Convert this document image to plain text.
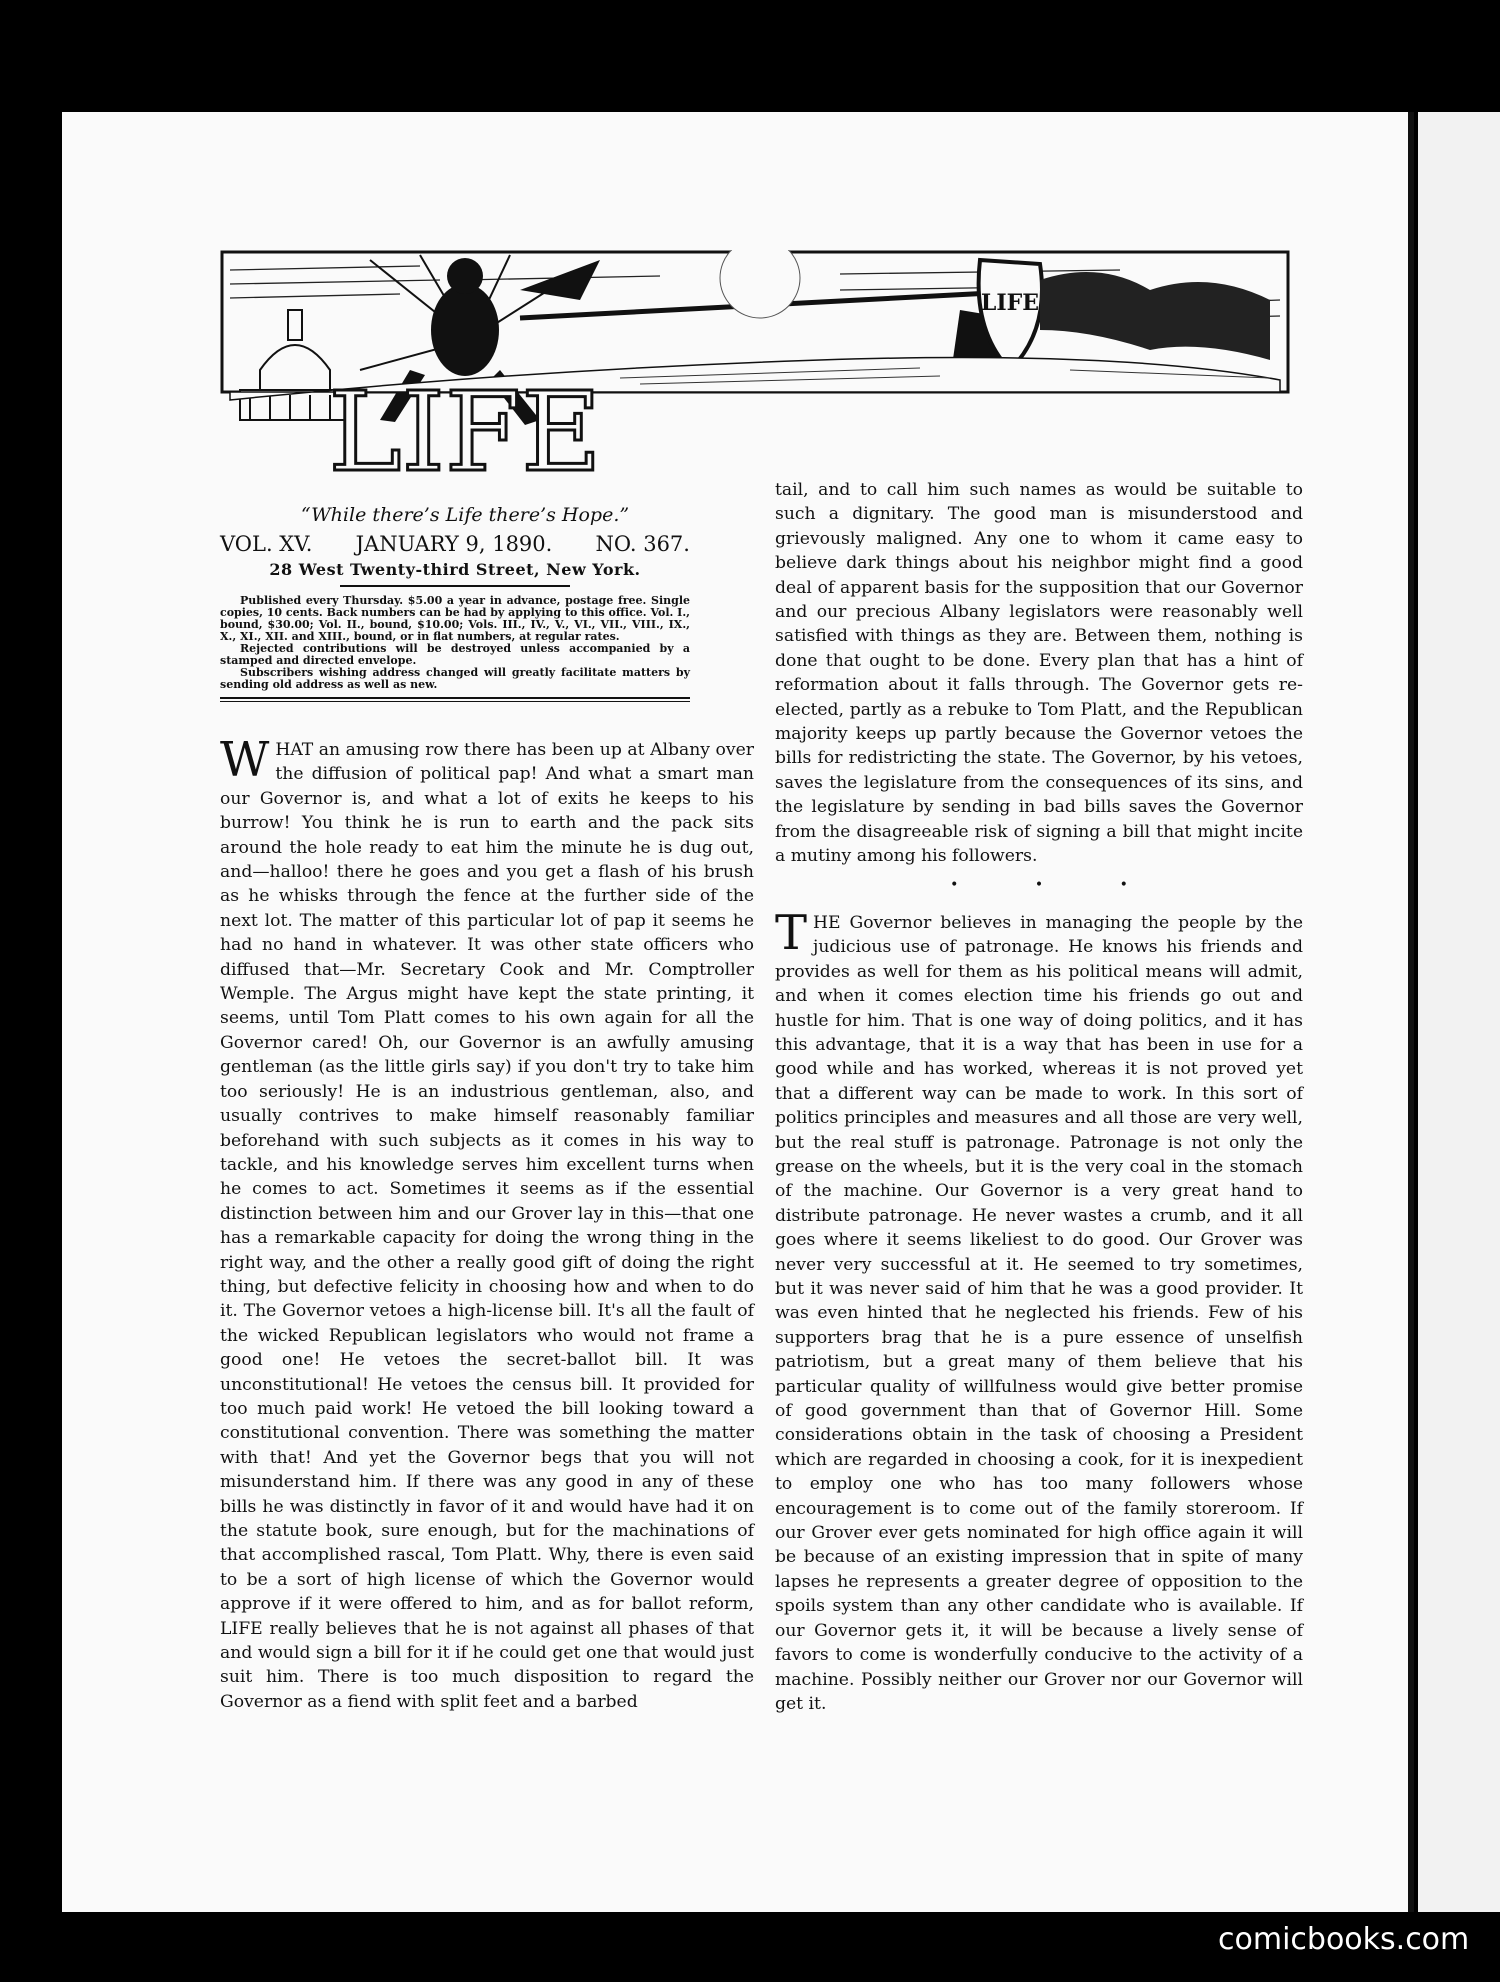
LIFE
LIFE
“While there’s Life there’s Hope.”
VOL. XV. JANUARY 9, 1890. NO. 367.
28 West Twenty-third Street, New York.

Published every Thursday. $5.00 a year in advance, postage free. Single copies, 10 cents. Back numbers can be had by applying to this office. Vol. I., bound, $30.00; Vol. II., bound, $10.00; Vols. III., IV., V., VI., VII., VIII., IX., X., XI., XII. and XIII., bound, or in flat numbers, at regular rates.

Rejected contributions will be destroyed unless accompanied by a stamped and directed envelope.

Subscribers wishing address changed will greatly facilitate matters by sending old address as well as new.

WHAT an amusing row there has been up at Albany over the diffusion of political pap! And what a smart man our Governor is, and what a lot of exits he keeps to his burrow! You think he is run to earth and the pack sits around the hole ready to eat him the minute he is dug out, and—halloo! there he goes and you get a flash of his brush as he whisks through the fence at the further side of the next lot. The matter of this particular lot of pap it seems he had no hand in whatever. It was other state officers who diffused that—Mr. Secretary Cook and Mr. Comptroller Wemple. The Argus might have kept the state printing, it seems, until Tom Platt comes to his own again for all the Governor cared! Oh, our Governor is an awfully amusing gentleman (as the little girls say) if you don't try to take him too seriously! He is an industrious gentleman, also, and usually contrives to make himself reasonably familiar beforehand with such subjects as it comes in his way to tackle, and his knowledge serves him excellent turns when he comes to act. Sometimes it seems as if the essential distinction between him and our Grover lay in this—that one has a remarkable capacity for doing the wrong thing in the right way, and the other a really good gift of doing the right thing, but defective felicity in choosing how and when to do it. The Governor vetoes a high-license bill. It's all the fault of the wicked Republican legislators who would not frame a good one! He vetoes the secret-ballot bill. It was unconstitutional! He vetoes the census bill. It provided for too much paid work! He vetoed the bill looking toward a constitutional convention. There was something the matter with that! And yet the Governor begs that you will not misunderstand him. If there was any good in any of these bills he was distinctly in favor of it and would have had it on the statute book, sure enough, but for the machinations of that accomplished rascal, Tom Platt. Why, there is even said to be a sort of high license of which the Governor would approve if it were offered to him, and as for ballot reform, LIFE really believes that he is not against all phases of that and would sign a bill for it if he could get one that would just suit him. There is too much disposition to regard the Governor as a fiend with split feet and a barbed

tail, and to call him such names as would be suitable to such a dignitary. The good man is misunderstood and grievously maligned. Any one to whom it came easy to believe dark things about his neighbor might find a good deal of apparent basis for the supposition that our Governor and our precious Albany legislators were reasonably well satisfied with things as they are. Between them, nothing is done that ought to be done. Every plan that has a hint of reformation about it falls through. The Governor gets re-elected, partly as a rebuke to Tom Platt, and the Republican majority keeps up partly because the Governor vetoes the bills for redistricting the state. The Governor, by his vetoes, saves the legislature from the consequences of its sins, and the legislature by sending in bad bills saves the Governor from the disagreeable risk of signing a bill that might incite a mutiny among his followers.

• • •

THE Governor believes in managing the people by the judicious use of patronage. He knows his friends and provides as well for them as his political means will admit, and when it comes election time his friends go out and hustle for him. That is one way of doing politics, and it has this advantage, that it is a way that has been in use for a good while and has worked, whereas it is not proved yet that a different way can be made to work. In this sort of politics principles and measures and all those are very well, but the real stuff is patronage. Patronage is not only the grease on the wheels, but it is the very coal in the stomach of the machine. Our Governor is a very great hand to distribute patronage. He never wastes a crumb, and it all goes where it seems likeliest to do good. Our Grover was never very successful at it. He seemed to try sometimes, but it was never said of him that he was a good provider. It was even hinted that he neglected his friends. Few of his supporters brag that he is a pure essence of unselfish patriotism, but a great many of them believe that his particular quality of willfulness would give better promise of good government than that of Governor Hill. Some considerations obtain in the task of choosing a President which are regarded in choosing a cook, for it is inexpedient to employ one who has too many followers whose encouragement is to come out of the family storeroom. If our Grover ever gets nominated for high office again it will be because of an existing impression that in spite of many lapses he represents a greater degree of opposition to the spoils system than any other candidate who is available. If our Governor gets it, it will be because a lively sense of favors to come is wonderfully conducive to the activity of a machine. Possibly neither our Grover nor our Governor will get it.

comicbooks.com
